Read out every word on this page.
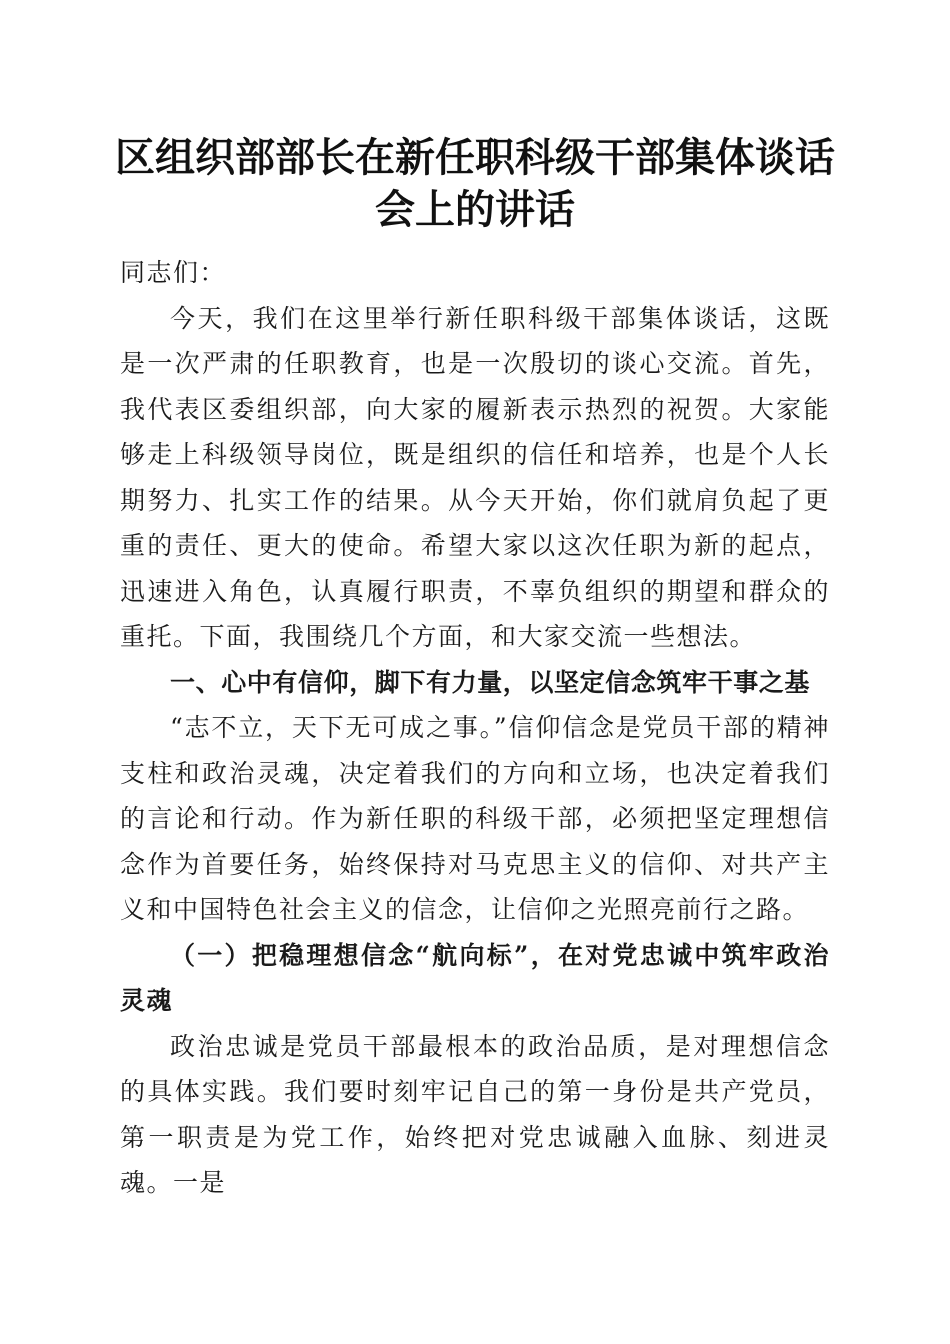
区组织部部长在新任职科级干部集体谈话会上的讲话

同志们：

今天，我们在这里举行新任职科级干部集体谈话，这既是一次严肃的任职教育，也是一次殷切的谈心交流。首先，我代表区委组织部，向大家的履新表示热烈的祝贺。大家能够走上科级领导岗位，既是组织的信任和培养，也是个人长期努力、扎实工作的结果。从今天开始，你们就肩负起了更重的责任、更大的使命。希望大家以这次任职为新的起点，迅速进入角色，认真履行职责，不辜负组织的期望和群众的重托。下面，我围绕几个方面，和大家交流一些想法。

一、心中有信仰，脚下有力量，以坚定信念筑牢干事之基

“志不立，天下无可成之事。”信仰信念是党员干部的精神支柱和政治灵魂，决定着我们的方向和立场，也决定着我们的言论和行动。作为新任职的科级干部，必须把坚定理想信念作为首要任务，始终保持对马克思主义的信仰、对共产主义和中国特色社会主义的信念，让信仰之光照亮前行之路。

（一）把稳理想信念“航向标”，在对党忠诚中筑牢政治灵魂

政治忠诚是党员干部最根本的政治品质，是对理想信念的具体实践。我们要时刻牢记自己的第一身份是共产党员，第一职责是为党工作，始终把对党忠诚融入血脉、刻进灵魂。一是
